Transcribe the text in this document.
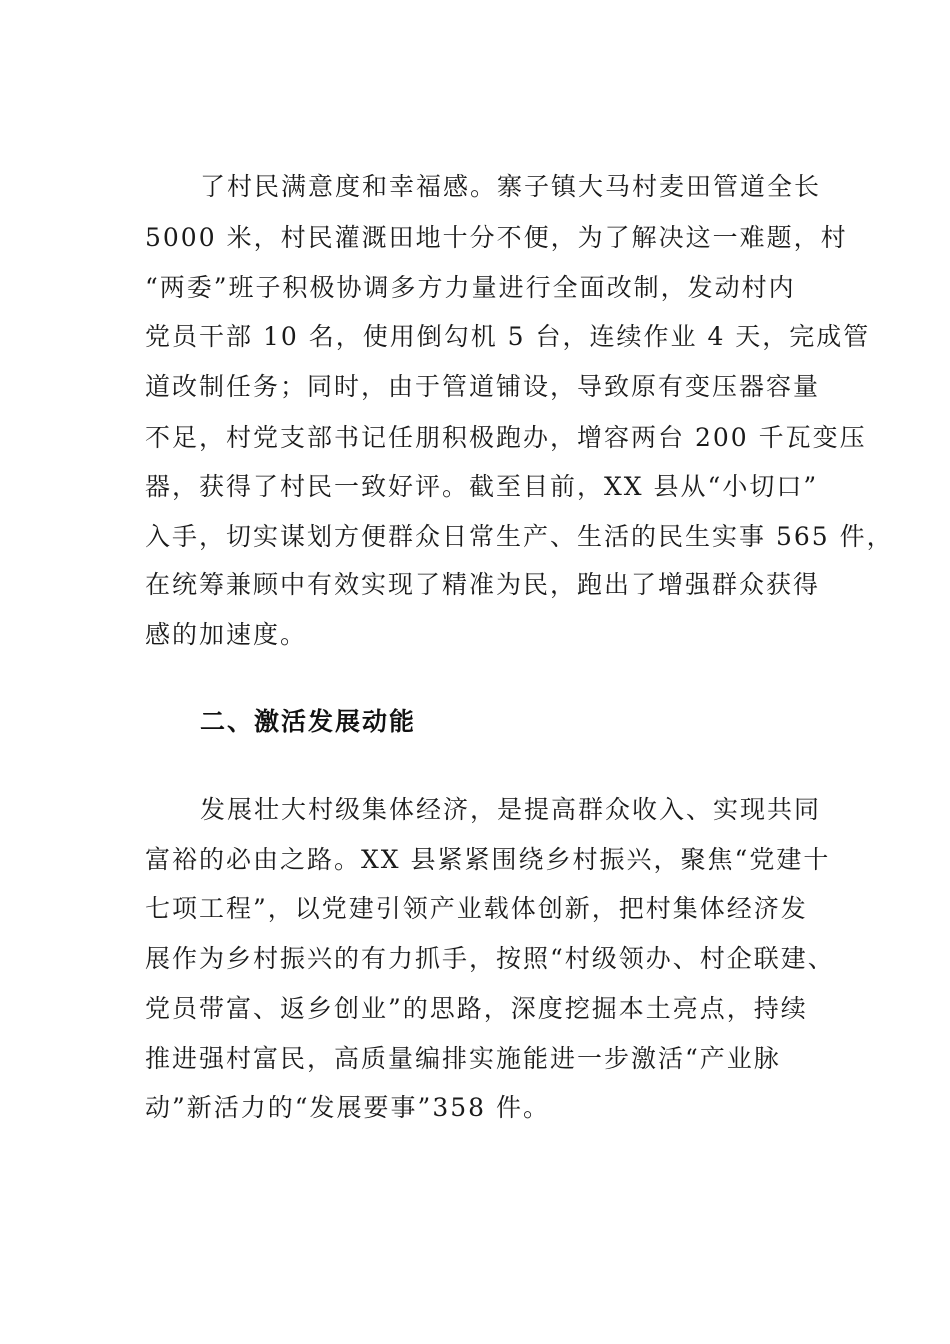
了村民满意度和幸福感。寨子镇大马村麦田管道全长
5000 米，村民灌溉田地十分不便，为了解决这一难题，村
“两委”班子积极协调多方力量进行全面改制，发动村内
党员干部 10 名，使用倒勾机 5 台，连续作业 4 天，完成管
道改制任务；同时，由于管道铺设，导致原有变压器容量
不足，村党支部书记任朋积极跑办，增容两台 200 千瓦变压
器，获得了村民一致好评。截至目前，XX 县从“小切口”
入手，切实谋划方便群众日常生产、生活的民生实事 565 件，
在统筹兼顾中有效实现了精准为民，跑出了增强群众获得
感的加速度。
二、激活发展动能
发展壮大村级集体经济，是提高群众收入、实现共同
富裕的必由之路。XX 县紧紧围绕乡村振兴，聚焦“党建十
七项工程”，以党建引领产业载体创新，把村集体经济发
展作为乡村振兴的有力抓手，按照“村级领办、村企联建、
党员带富、返乡创业”的思路，深度挖掘本土亮点，持续
推进强村富民，高质量编排实施能进一步激活“产业脉
动”新活力的“发展要事”358 件。
